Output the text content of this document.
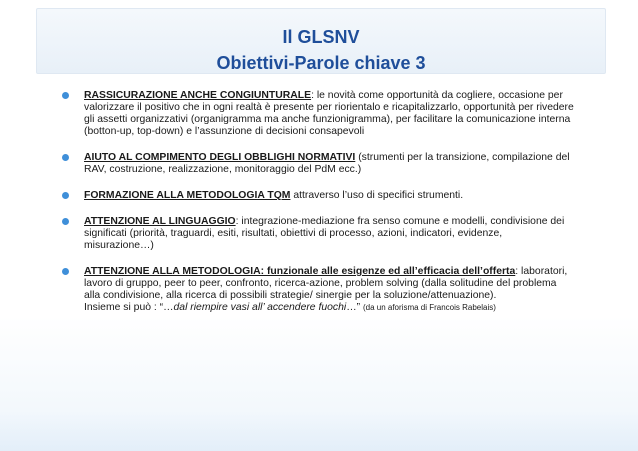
Il GLSNV
Obiettivi-Parole chiave 3
RASSICURAZIONE ANCHE CONGIUNTURALE: le novità come opportunità da cogliere, occasione per valorizzare il positivo che in ogni realtà è presente per riorientalo e ricapitalizzarlo, opportunità per rivedere gli assetti organizzativi (organigramma ma anche funzionigramma), per facilitare la comunicazione interna (botton-up, top-down) e l’assunzione di decisioni consapevoli
AIUTO AL COMPIMENTO DEGLI OBBLIGHI NORMATIVI (strumenti per la transizione, compilazione del RAV, costruzione, realizzazione, monitoraggio del PdM ecc.)
FORMAZIONE ALLA METODOLOGIA TQM attraverso l’uso di specifici strumenti.
ATTENZIONE AL LINGUAGGIO: integrazione-mediazione fra senso comune e modelli, condivisione dei significati (priorità, traguardi, esiti, risultati, obiettivi di processo, azioni, indicatori, evidenze, misurazione…)
ATTENZIONE ALLA METODOLOGIA: funzionale alle esigenze ed all’efficacia dell’offerta: laboratori, lavoro di gruppo, peer to peer, confronto, ricerca-azione, problem solving (dalla solitudine del problema alla condivisione, alla ricerca di possibili strategie/ sinergie per la soluzione/attenuazione).
Insieme si può : “…dal riempire vasi all’ accendere fuochi…” (da un aforisma di Francois Rabelais)
